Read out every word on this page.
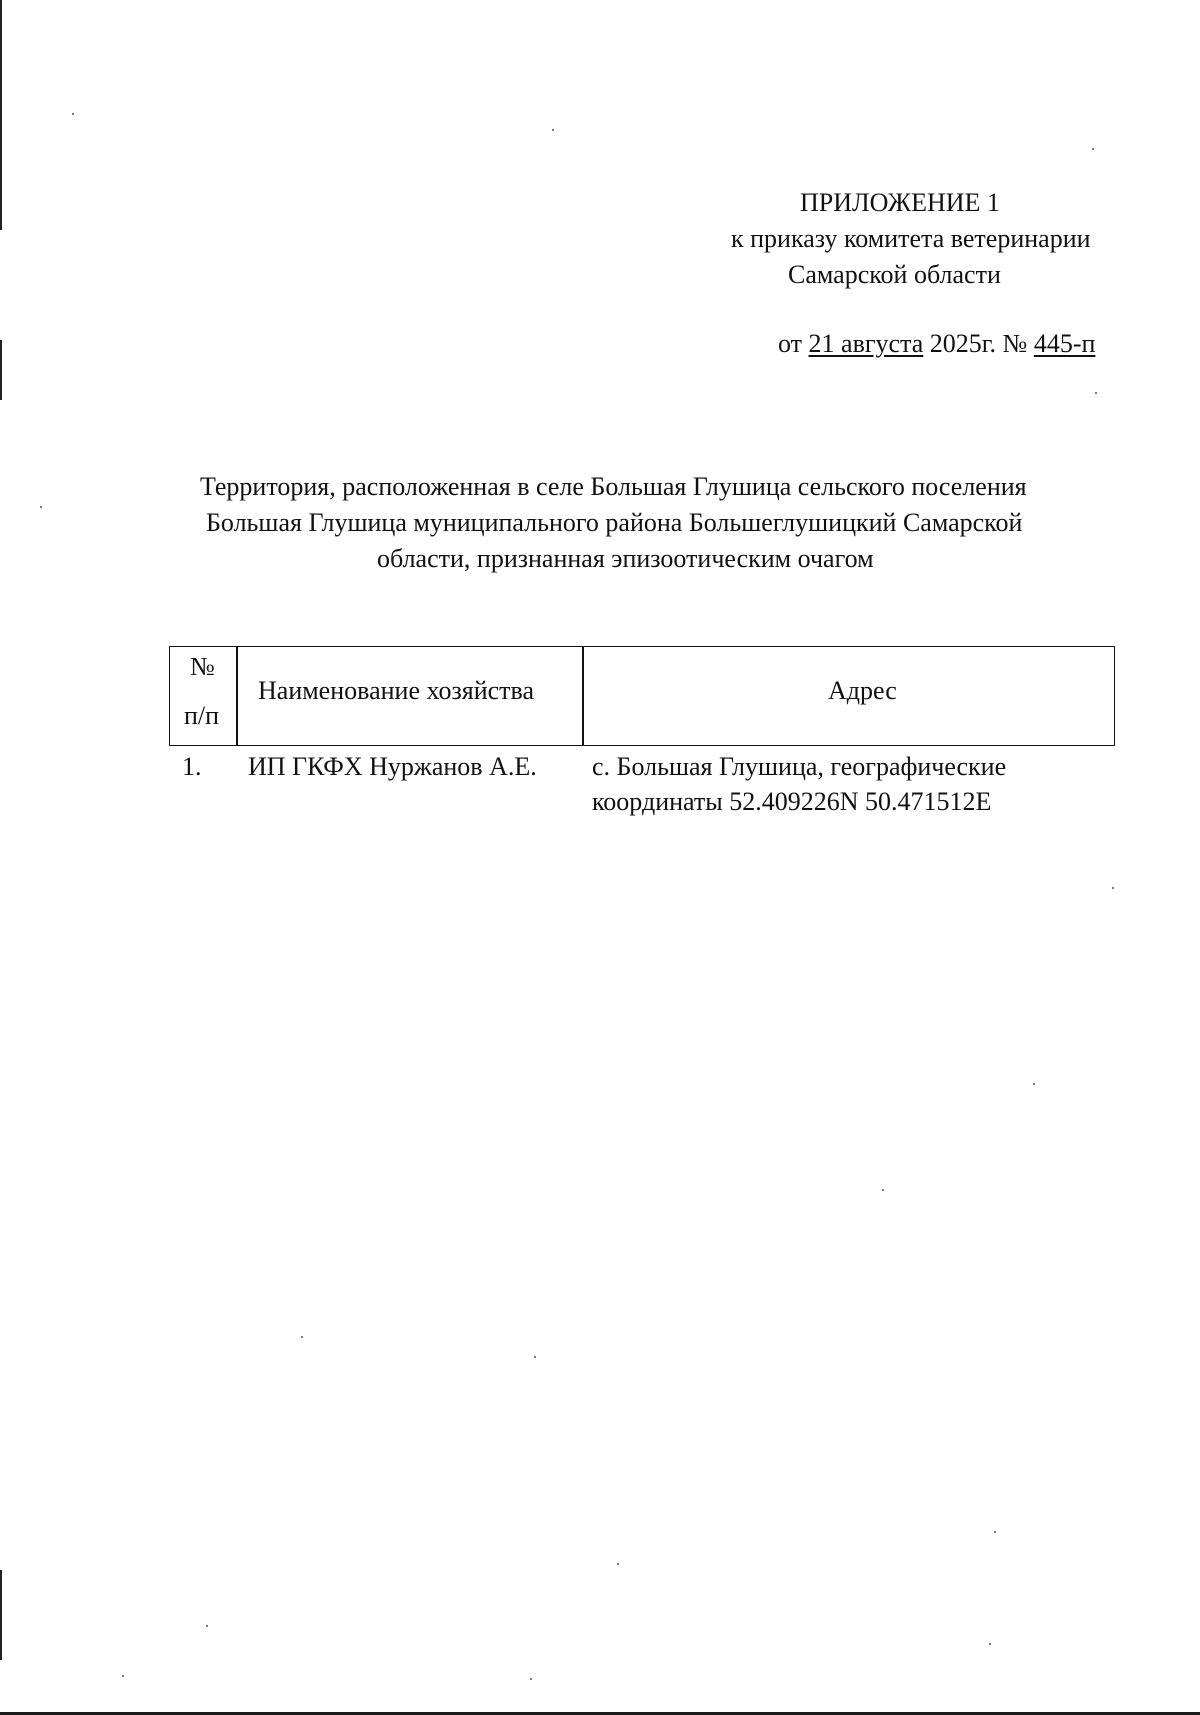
ПРИЛОЖЕНИЕ 1
к приказу комитета ветеринарии
Самарской области
от 21 августа 2025г. № 445-п
Территория, расположенная в селе Большая Глушица сельского поселения
Большая Глушица муниципального района Большеглушицкий Самарской
области, признанная эпизоотическим очагом
№
п/п
Наименование хозяйства	Адрес
1. ИП ГКФХ Нуржанов А.Е. с. Большая Глушица, географические
координаты 52.409226N 50.471512E
